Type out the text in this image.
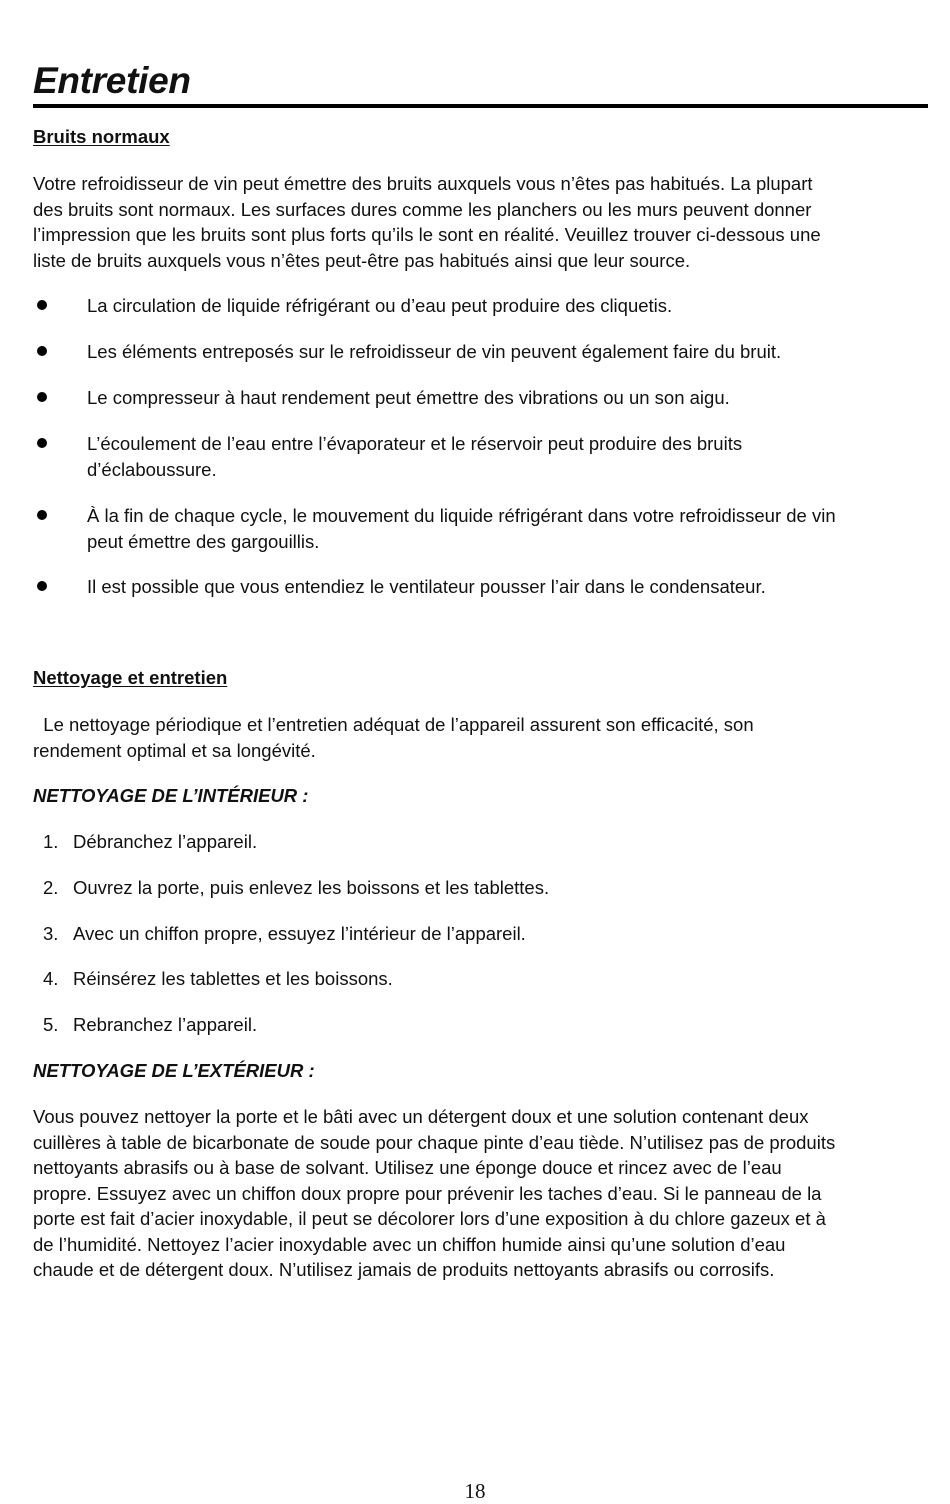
Entretien
Bruits normaux

Votre refroidisseur de vin peut émettre des bruits auxquels vous n’êtes pas habitués. La plupart
des bruits sont normaux. Les surfaces dures comme les planchers ou les murs peuvent donner
l’impression que les bruits sont plus forts qu’ils le sont en réalité. Veuillez trouver ci-dessous une
liste de bruits auxquels vous n’êtes peut-être pas habitués ainsi que leur source.

La circulation de liquide réfrigérant ou d’eau peut produire des cliquetis.

Les éléments entreposés sur le refroidisseur de vin peuvent également faire du bruit.

Le compresseur à haut rendement peut émettre des vibrations ou un son aigu.

L’écoulement de l’eau entre l’évaporateur et le réservoir peut produire des bruits
d’éclaboussure.

À la fin de chaque cycle, le mouvement du liquide réfrigérant dans votre refroidisseur de vin
peut émettre des gargouillis.

Il est possible que vous entendiez le ventilateur pousser l’air dans le condensateur.

Nettoyage et entretien

Le nettoyage périodique et l’entretien adéquat de l’appareil assurent son efficacité, son
rendement optimal et sa longévité.

NETTOYAGE DE L’INTÉRIEUR :
1. Débranchez l’appareil.
2. Ouvrez la porte, puis enlevez les boissons et les tablettes.
3. Avec un chiffon propre, essuyez l’intérieur de l’appareil.
4. Réinsérez les tablettes et les boissons.
5. Rebranchez l’appareil.
NETTOYAGE DE L’EXTÉRIEUR :

Vous pouvez nettoyer la porte et le bâti avec un détergent doux et une solution contenant deux
cuillères à table de bicarbonate de soude pour chaque pinte d’eau tiède. N’utilisez pas de produits
nettoyants abrasifs ou à base de solvant. Utilisez une éponge douce et rincez avec de l’eau
propre. Essuyez avec un chiffon doux propre pour prévenir les taches d’eau. Si le panneau de la
porte est fait d’acier inoxydable, il peut se décolorer lors d’une exposition à du chlore gazeux et à
de l’humidité. Nettoyez l’acier inoxydable avec un chiffon humide ainsi qu’une solution d’eau
chaude et de détergent doux. N’utilisez jamais de produits nettoyants abrasifs ou corrosifs.

18
